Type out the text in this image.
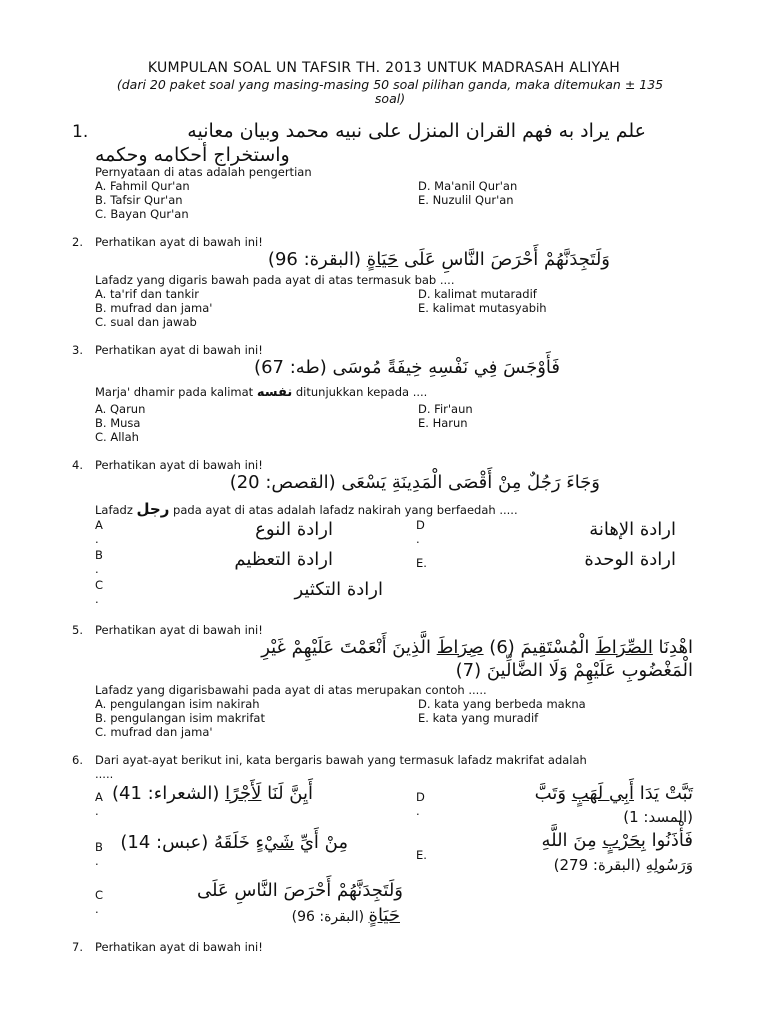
KUMPULAN SOAL UN TAFSIR TH. 2013 UNTUK MADRASAH ALIYAH
(dari 20 paket soal yang masing-masing 50 soal pilihan ganda, maka ditemukan ± 135 soal)
1.	علم يراد به فهم القران المنزل على نبيه محمد وبيان معانيه
واستخراج أحكامه وحكمه
Pernyataan di atas adalah pengertian
A. Fahmil Qur'an
B. Tafsir Qur'an
C. Bayan Qur'an
D. Ma'anil Qur'an
E. Nuzulil Qur'an
2. Perhatikan ayat di bawah ini!
وَلَتَجِدَنَّهُمْ أَحْرَصَ النَّاسِ عَلَى حَيَاةٍ (البقرة: 96)
Lafadz yang digaris bawah pada ayat di atas termasuk bab ....
A. ta'rif dan tankir
B. mufrad dan jama'
C. sual dan jawab
D. kalimat mutaradif
E. kalimat mutasyabih
3. Perhatikan ayat di bawah ini!
فَأَوْجَسَ فِي نَفْسِهِ خِيفَةً مُوسَى (طه: 67)
Marja' dhamir pada kalimat نفسه ditunjukkan kepada ....
A. Qarun
B. Musa
C. Allah
D. Fir'aun
E. Harun
4. Perhatikan ayat di bawah ini!
وَجَاءَ رَجُلٌ مِنْ أَقْصَى الْمَدِينَةِ يَسْعَى (القصص: 20)
Lafadz رجل pada ayat di atas adalah lafadz nakirah yang berfaedah .....
A
.	ارادة النوع
B
.	ارادة التعظيم
C
.	ارادة التكثير
D
.	ارادة الإهانة
E.	ارادة الوحدة
5. Perhatikan ayat di bawah ini!
اهْدِنَا الصِّرَاطَ الْمُسْتَقِيمَ (6) صِرَاطَ الَّذِينَ أَنْعَمْتَ عَلَيْهِمْ غَيْرِ
الْمَغْضُوبِ عَلَيْهِمْ وَلَا الضَّالِّينَ (7)
Lafadz yang digarisbawahi pada ayat di atas merupakan contoh .....
A. pengulangan isim nakirah
B. pengulangan isim makrifat
C. mufrad dan jama'
D. kata yang berbeda makna
E. kata yang muradif
6. Dari ayat-ayat berikut ini, kata bergaris bawah yang termasuk lafadz makrifat adalah
.....
A
.
أَيِنَّ لَنَا لَأَجْرًا (الشعراء: 41)
B
.
مِنْ أَيِّ شَيْءٍ خَلَقَهُ (عبس: 14)
C
.
وَلَتَجِدَنَّهُمْ أَحْرَصَ النَّاسِ عَلَى
حَيَاةٍ (البقرة: 96)
D
.
تَبَّتْ يَدَا أَبِي لَهَبٍ وَتَبَّ
(المسد: 1)
E.
فَأْذَنُوا بِحَرْبٍ مِنَ اللَّهِ
وَرَسُولِهِ (البقرة: 279)
7. Perhatikan ayat di bawah ini!
